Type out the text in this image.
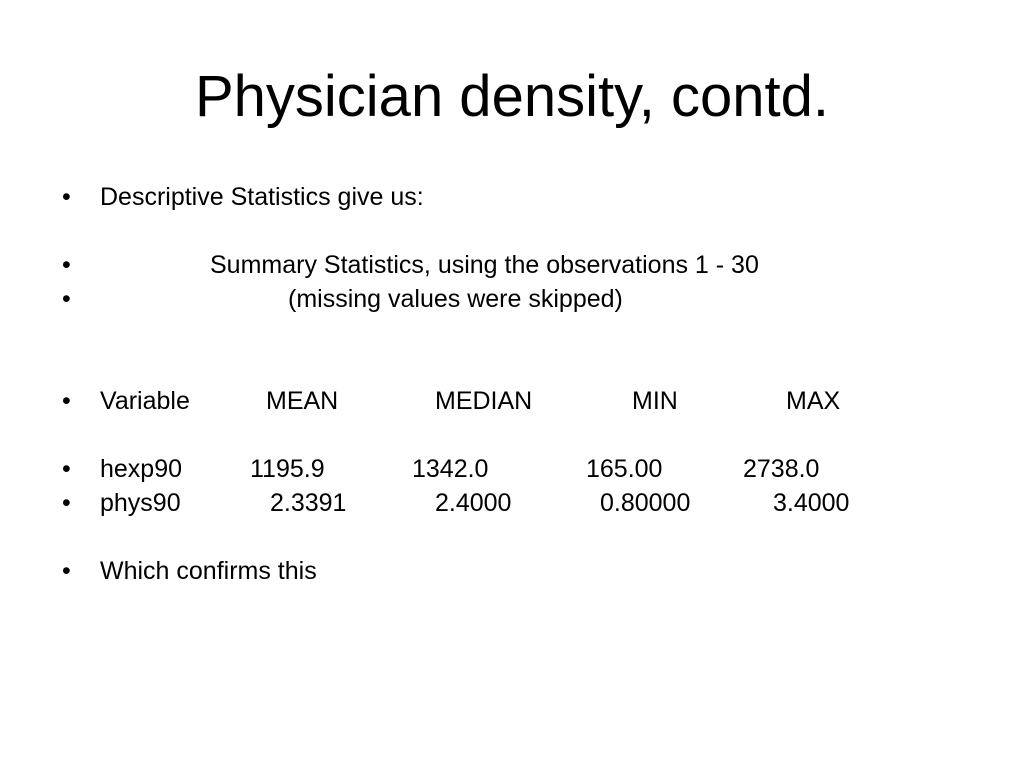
Physician density, contd.
• Descriptive Statistics give us:
•	Summary Statistics, using the observations 1 - 30
•	(missing values were skipped)
• Variable	MEAN	MEDIAN	MIN	MAX
• hexp90	1195.9	1342.0	165.00	2738.0
• phys90	2.3391	2.4000	0.80000	3.4000
• Which confirms this
